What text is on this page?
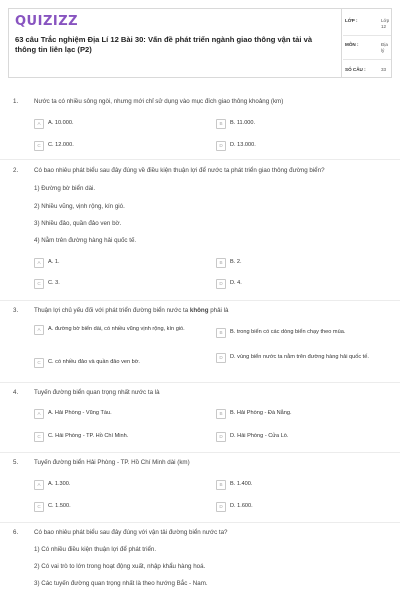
QUIZIZZ
63 câu Trắc nghiệm Địa Lí 12 Bài 30: Vấn đề phát triển ngành giao thông vận tải và thông tin liên lạc (P2)
LỚP :	Lớp 12
MÔN :	Địa lý
SỐ CÂU :	33
1.	Nước ta có nhiều sông ngòi, nhưng mới chỉ sử dụng vào mục đích giao thông khoảng (km)
A	A. 10.000.	B	B. 11.000.
C	C. 12.000.	D	D. 13.000.
2.	Có bao nhiêu phát biểu sau đây đúng về điều kiện thuận lợi để nước ta phát triển giao thông đường biển?
1) Đường bờ biển dài.
2) Nhiều vũng, vịnh rộng, kín gió.
3) Nhiều đảo, quần đảo ven bờ.
4) Nằm trên đường hàng hải quốc tế.
A	A. 1.	B	B. 2.
C	C. 3.	D	D. 4.
3.	Thuận lợi chủ yếu đối với phát triển đường biển nước ta không phải là
A	A. đường bờ biển dài, có nhiều vũng vịnh rộng, kín gió.
B	B. trong biển có các dòng biển chạy theo mùa.
C	C. có nhiều đảo và quần đảo ven bờ.
D	D. vùng biển nước ta nằm trên đường hàng hải quốc tế.
4.	Tuyến đường biển quan trọng nhất nước ta là
A	A. Hải Phòng - Vũng Tàu.	B	B. Hải Phòng - Đà Nẵng.
C	C. Hải Phòng - TP. Hồ Chí Minh.	D	D. Hải Phòng - Cửa Lò.
5.	Tuyến đường biển Hải Phòng - TP. Hồ Chí Minh dài (km)
A	A. 1.300.	B	B. 1.400.
C	C. 1.500.	D	D. 1.600.
6.	Có bao nhiêu phát biểu sau đây đúng với vận tải đường biển nước ta?
1) Có nhiều điều kiện thuận lợi để phát triển.
2) Có vai trò to lớn trong hoạt động xuất, nhập khẩu hàng hoá.
3) Các tuyến đường quan trọng nhất là theo hướng Bắc - Nam.
